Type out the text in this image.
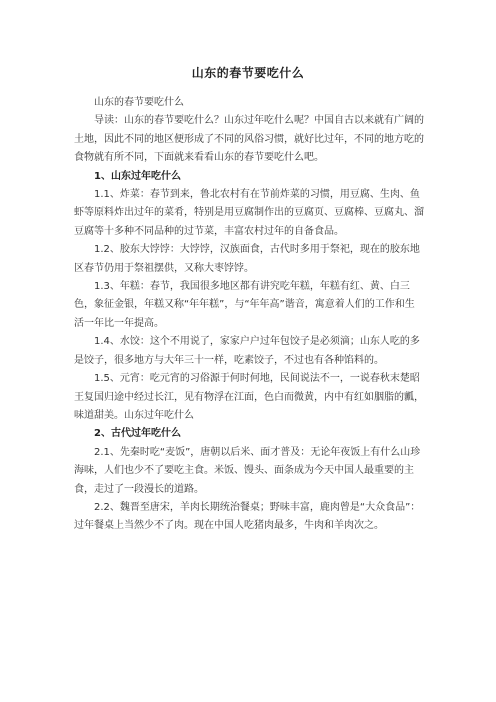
山东的春节要吃什么

山东的春节要吃什么

导读：山东的春节要吃什么？山东过年吃什么呢？中国自古以来就有广阔的土地，因此不同的地区便形成了不同的风俗习惯，就好比过年，不同的地方吃的食物就有所不同，下面就来看看山东的春节要吃什么吧。

1、山东过年吃什么

1.1、炸菜：春节到来，鲁北农村有在节前炸菜的习惯，用豆腐、生肉、鱼虾等原料炸出过年的菜肴，特别是用豆腐制作出的豆腐页、豆腐棒、豆腐丸、溜豆腐等十多种不同品种的过节菜，丰富农村过年的自备食品。

1.2、胶东大饽饽：大饽饽，汉族面食，古代时多用于祭祀，现在的胶东地区春节仍用于祭祖摆供，又称大枣饽饽。

1.3、年糕：春节，我国很多地区都有讲究吃年糕，年糕有红、黄、白三色，象征金银，年糕又称“年年糕”，与“年年高”谐音，寓意着人们的工作和生活一年比一年提高。

1.4、水饺：这个不用说了，家家户户过年包饺子是必须滴；山东人吃的多是饺子，很多地方与大年三十一样，吃素饺子，不过也有各种馅料的。

1.5、元宵：吃元宵的习俗源于何时何地，民间说法不一，一说春秋末楚昭王复国归途中经过长江，见有物浮在江面，色白而微黄，内中有红如胭脂的瓤，味道甜美。山东过年吃什么

2、古代过年吃什么

2.1、先秦时吃“麦饭”，唐朝以后米、面才普及：无论年夜饭上有什么山珍海味，人们也少不了要吃主食。米饭、馒头、面条成为今天中国人最重要的主食，走过了一段漫长的道路。

2.2、魏晋至唐宋，羊肉长期统治餐桌；野味丰富，鹿肉曾是“大众食品”：过年餐桌上当然少不了肉。现在中国人吃猪肉最多，牛肉和羊肉次之。
